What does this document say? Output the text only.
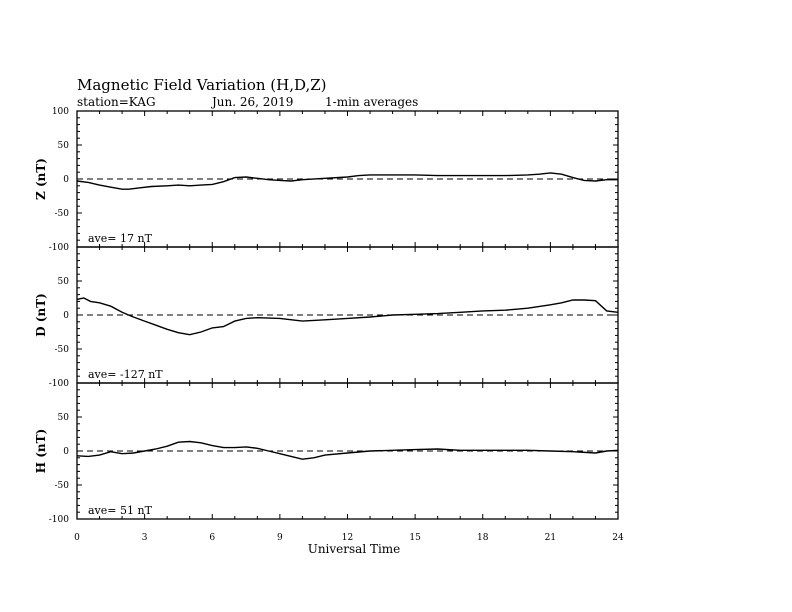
Magnetic Field Variation (H,D,Z)
station=KAG	Jun. 26, 2019	1-min averages
100
50
0
-50
-100
Z (nT)
ave= 17 nT
50
0
-50
-100
D (nT)
ave= -127 nT
50
0
-50
-100
H (nT)
ave= 51 nT
0	3	6	9	12	15	18	21	24
Universal Time
